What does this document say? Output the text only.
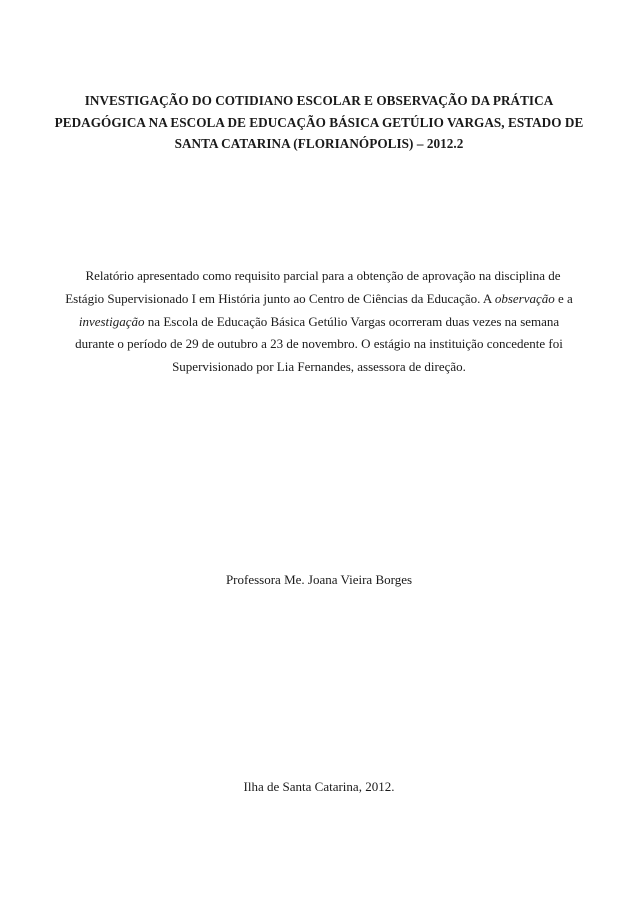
INVESTIGAÇÃO DO COTIDIANO ESCOLAR E OBSERVAÇÃO DA PRÁTICA
PEDAGÓGICA NA ESCOLA DE EDUCAÇÃO BÁSICA GETÚLIO VARGAS, ESTADO DE
SANTA CATARINA (FLORIANÓPOLIS) – 2012.2
Relatório apresentado como requisito parcial para a obtenção de aprovação na disciplina de
Estágio Supervisionado I em História junto ao Centro de Ciências da Educação. A observação e a
investigação na Escola de Educação Básica Getúlio Vargas ocorreram duas vezes na semana
durante o período de 29 de outubro a 23 de novembro. O estágio na instituição concedente foi
Supervisionado por Lia Fernandes, assessora de direção.
Professora Me. Joana Vieira Borges
Ilha de Santa Catarina, 2012.
